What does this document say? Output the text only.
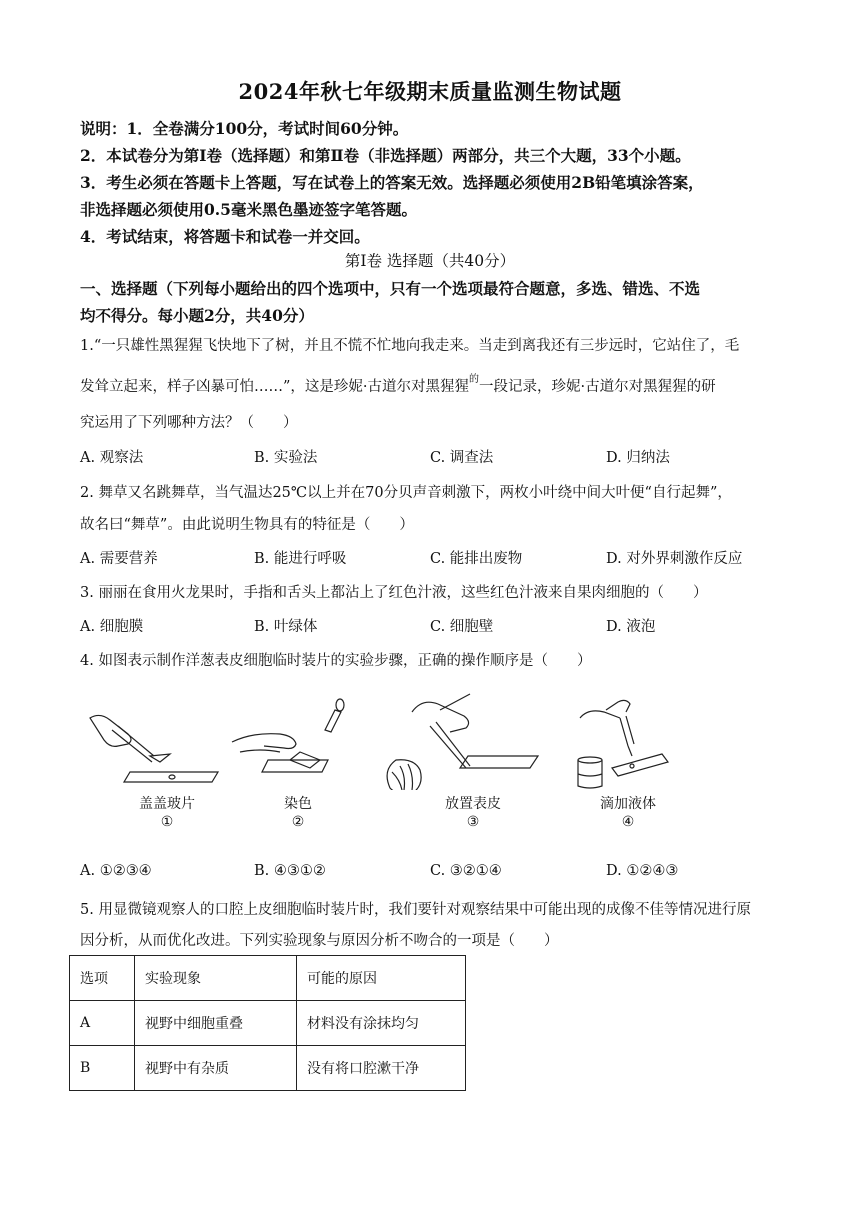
2024年秋七年级期末质量监测生物试题
说明：1．全卷满分100分，考试时间60分钟。
2．本试卷分为第Ⅰ卷（选择题）和第Ⅱ卷（非选择题）两部分，共三个大题，33个小题。
3．考生必须在答题卡上答题，写在试卷上的答案无效。选择题必须使用2B铅笔填涂答案，
非选择题必须使用0.5毫米黑色墨迹签字笔答题。
4．考试结束，将答题卡和试卷一并交回。
第Ⅰ卷 选择题（共40分）
一、选择题（下列每小题给出的四个选项中，只有一个选项最符合题意，多选、错选、不选
均不得分。每小题2分，共40分）
1.“一只雄性黑猩猩飞快地下了树，并且不慌不忙地向我走来。当走到离我还有三步远时，它站住了，毛
发耸立起来，样子凶暴可怕……”，这是珍妮·古道尔对黑猩猩$^的$一段记录，珍妮·古道尔对黑猩猩的研
究运用了下列哪种方法？（　　）
A. 观察法	B. 实验法	C. 调查法	D. 归纳法
2. 舞草又名跳舞草，当气温达25℃以上并在70分贝声音刺激下，两枚小叶绕中间大叶便“自行起舞”，
故名曰“舞草”。由此说明生物具有的特征是（　　）
A. 需要营养	B. 能进行呼吸	C. 能排出废物	D. 对外界刺激作反应
3. 丽丽在食用火龙果时，手指和舌头上都沾上了红色汁液，这些红色汁液来自果肉细胞的（　　）
A. 细胞膜	B. 叶绿体	C. 细胞壁	D. 液泡
4. 如图表示制作洋葱表皮细胞临时装片的实验步骤，正确的操作顺序是（　　）
盖盖玻片
①
染色
②
放置表皮
③
滴加液体
④
A. ①②③④	B. ④③①②	C. ③②①④	D. ①②④③
5. 用显微镜观察人的口腔上皮细胞临时装片时，我们要针对观察结果中可能出现的成像不佳等情况进行原
因分析，从而优化改进。下列实验现象与原因分析不吻合的一项是（　　）
选项	实验现象	可能的原因
A	视野中细胞重叠	材料没有涂抹均匀
B	视野中有杂质	没有将口腔漱干净
